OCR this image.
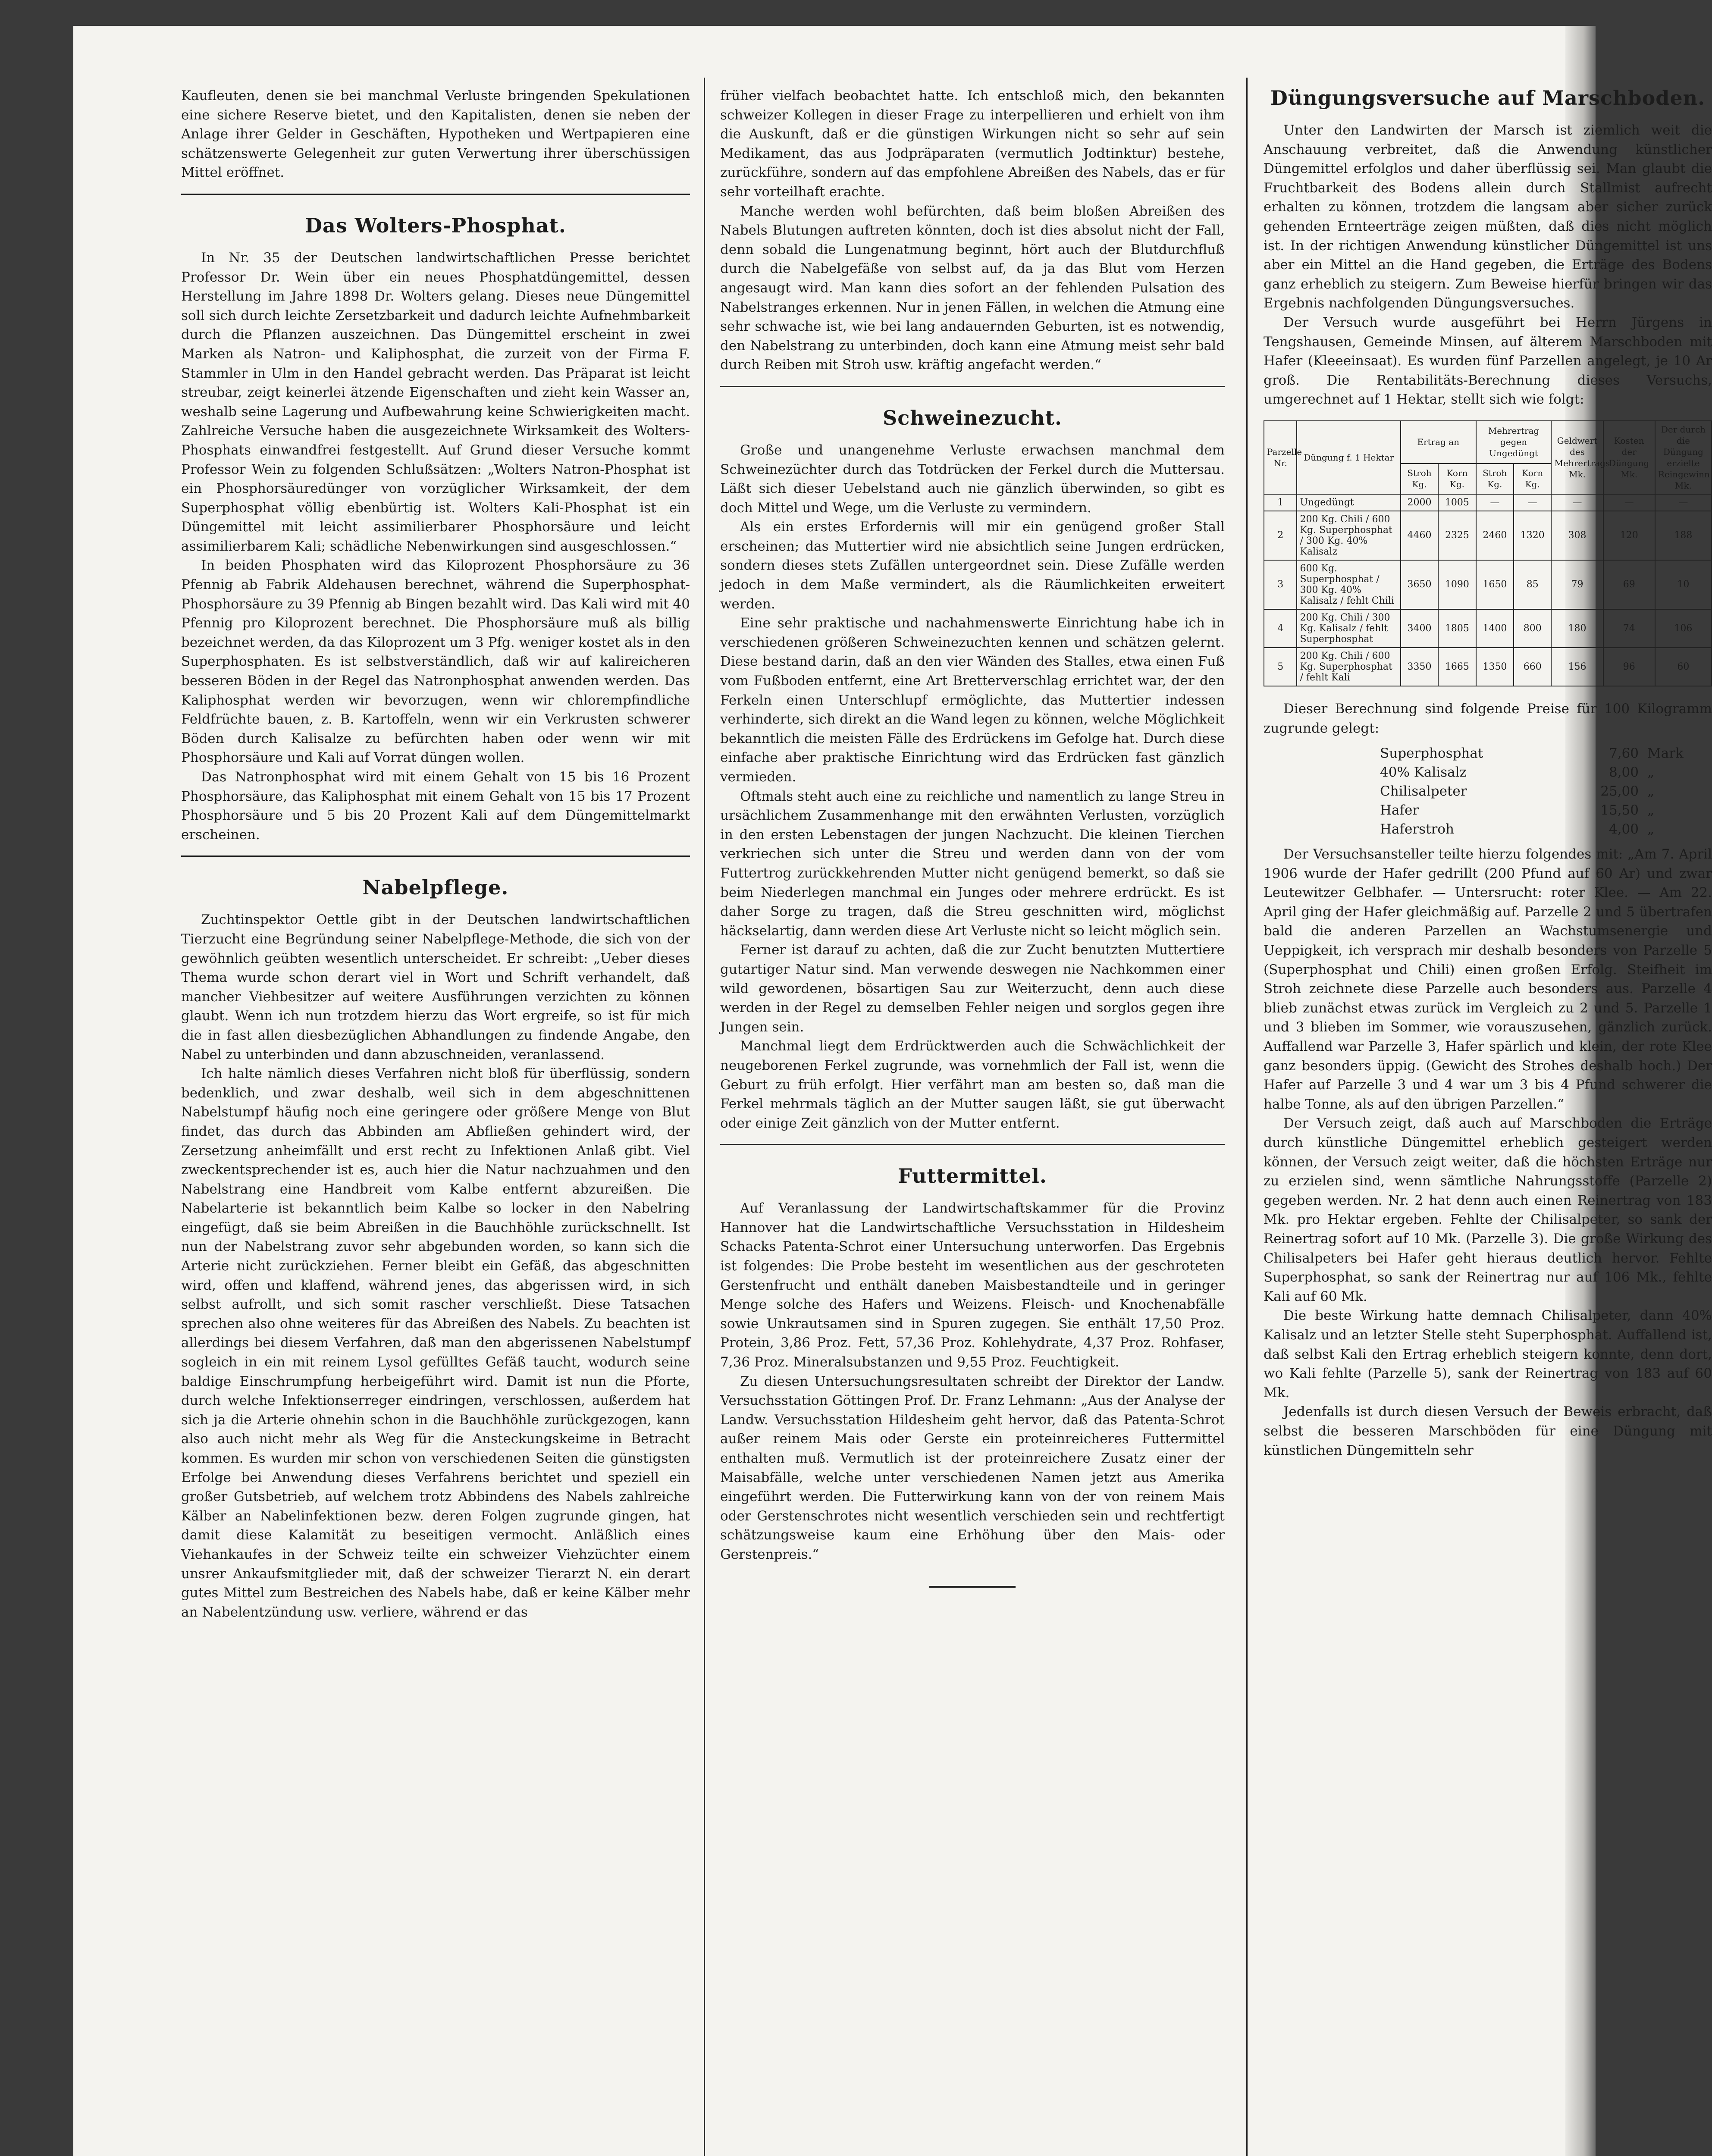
Kaufleuten, denen sie bei manchmal Verluste bringenden Spekulationen eine sichere Reserve bietet, und den Kapitalisten, denen sie neben der Anlage ihrer Gelder in Geschäften, Hypotheken und Wertpapieren eine schätzenswerte Gelegenheit zur guten Verwertung ihrer überschüssigen Mittel eröffnet.

Das Wolters-Phosphat.

In Nr. 35 der Deutschen landwirtschaftlichen Presse berichtet Professor Dr. Wein über ein neues Phosphatdüngemittel, dessen Herstellung im Jahre 1898 Dr. Wolters gelang. Dieses neue Düngemittel soll sich durch leichte Zersetzbarkeit und dadurch leichte Aufnehmbarkeit durch die Pflanzen auszeichnen. Das Düngemittel erscheint in zwei Marken als Natron- und Kaliphosphat, die zurzeit von der Firma F. Stammler in Ulm in den Handel gebracht werden. Das Präparat ist leicht streubar, zeigt keinerlei ätzende Eigenschaften und zieht kein Wasser an, weshalb seine Lagerung und Aufbewahrung keine Schwierigkeiten macht. Zahlreiche Versuche haben die ausgezeichnete Wirksamkeit des Wolters-Phosphats einwandfrei festgestellt. Auf Grund dieser Versuche kommt Professor Wein zu folgenden Schlußsätzen: „Wolters Natron-Phosphat ist ein Phosphorsäuredünger von vorzüglicher Wirksamkeit, der dem Superphosphat völlig ebenbürtig ist. Wolters Kali-Phosphat ist ein Düngemittel mit leicht assimilierbarer Phosphorsäure und leicht assimilierbarem Kali; schädliche Nebenwirkungen sind ausgeschlossen.“

In beiden Phosphaten wird das Kiloprozent Phosphorsäure zu 36 Pfennig ab Fabrik Aldehausen berechnet, während die Superphosphat-Phosphorsäure zu 39 Pfennig ab Bingen bezahlt wird. Das Kali wird mit 40 Pfennig pro Kiloprozent berechnet. Die Phosphorsäure muß als billig bezeichnet werden, da das Kiloprozent um 3 Pfg. weniger kostet als in den Superphosphaten. Es ist selbstverständlich, daß wir auf kalireicheren besseren Böden in der Regel das Natronphosphat anwenden werden. Das Kaliphosphat werden wir bevorzugen, wenn wir chlorempfindliche Feldfrüchte bauen, z. B. Kartoffeln, wenn wir ein Verkrusten schwerer Böden durch Kalisalze zu befürchten haben oder wenn wir mit Phosphorsäure und Kali auf Vorrat düngen wollen.

Das Natronphosphat wird mit einem Gehalt von 15 bis 16 Prozent Phosphorsäure, das Kaliphosphat mit einem Gehalt von 15 bis 17 Prozent Phosphorsäure und 5 bis 20 Prozent Kali auf dem Düngemittelmarkt erscheinen.

Nabelpflege.

Zuchtinspektor Oettle gibt in der Deutschen landwirtschaftlichen Tierzucht eine Begründung seiner Nabelpflege-Methode, die sich von der gewöhnlich geübten wesentlich unterscheidet. Er schreibt: „Ueber dieses Thema wurde schon derart viel in Wort und Schrift verhandelt, daß mancher Viehbesitzer auf weitere Ausführungen verzichten zu können glaubt. Wenn ich nun trotzdem hierzu das Wort ergreife, so ist für mich die in fast allen diesbezüglichen Abhandlungen zu findende Angabe, den Nabel zu unterbinden und dann abzuschneiden, veranlassend.

Ich halte nämlich dieses Verfahren nicht bloß für überflüssig, sondern bedenklich, und zwar deshalb, weil sich in dem abgeschnittenen Nabelstumpf häufig noch eine geringere oder größere Menge von Blut findet, das durch das Abbinden am Abfließen gehindert wird, der Zersetzung anheimfällt und erst recht zu Infektionen Anlaß gibt. Viel zweckentsprechender ist es, auch hier die Natur nachzuahmen und den Nabelstrang eine Handbreit vom Kalbe entfernt abzureißen. Die Nabelarterie ist bekanntlich beim Kalbe so locker in den Nabelring eingefügt, daß sie beim Abreißen in die Bauchhöhle zurückschnellt. Ist nun der Nabelstrang zuvor sehr abgebunden worden, so kann sich die Arterie nicht zurückziehen. Ferner bleibt ein Gefäß, das abgeschnitten wird, offen und klaffend, während jenes, das abgerissen wird, in sich selbst aufrollt, und sich somit rascher verschließt. Diese Tatsachen sprechen also ohne weiteres für das Abreißen des Nabels. Zu beachten ist allerdings bei diesem Verfahren, daß man den abgerissenen Nabelstumpf sogleich in ein mit reinem Lysol gefülltes Gefäß taucht, wodurch seine baldige Einschrumpfung herbeigeführt wird. Damit ist nun die Pforte, durch welche Infektionserreger eindringen, verschlossen, außerdem hat sich ja die Arterie ohnehin schon in die Bauchhöhle zurückgezogen, kann also auch nicht mehr als Weg für die Ansteckungskeime in Betracht kommen. Es wurden mir schon von verschiedenen Seiten die günstigsten Erfolge bei Anwendung dieses Verfahrens berichtet und speziell ein großer Gutsbetrieb, auf welchem trotz Abbindens des Nabels zahlreiche Kälber an Nabelinfektionen bezw. deren Folgen zugrunde gingen, hat damit diese Kalamität zu beseitigen vermocht. Anläßlich eines Viehankaufes in der Schweiz teilte ein schweizer Viehzüchter einem unsrer Ankaufsmitglieder mit, daß der schweizer Tierarzt N. ein derart gutes Mittel zum Bestreichen des Nabels habe, daß er keine Kälber mehr an Nabelentzündung usw. verliere, während er das

früher vielfach beobachtet hatte. Ich entschloß mich, den bekannten schweizer Kollegen in dieser Frage zu interpellieren und erhielt von ihm die Auskunft, daß er die günstigen Wirkungen nicht so sehr auf sein Medikament, das aus Jodpräparaten (vermutlich Jodtinktur) bestehe, zurückführe, sondern auf das empfohlene Abreißen des Nabels, das er für sehr vorteilhaft erachte.

Manche werden wohl befürchten, daß beim bloßen Abreißen des Nabels Blutungen auftreten könnten, doch ist dies absolut nicht der Fall, denn sobald die Lungenatmung beginnt, hört auch der Blutdurchfluß durch die Nabelgefäße von selbst auf, da ja das Blut vom Herzen angesaugt wird. Man kann dies sofort an der fehlenden Pulsation des Nabelstranges erkennen. Nur in jenen Fällen, in welchen die Atmung eine sehr schwache ist, wie bei lang andauernden Geburten, ist es notwendig, den Nabelstrang zu unterbinden, doch kann eine Atmung meist sehr bald durch Reiben mit Stroh usw. kräftig angefacht werden.“

Schweinezucht.

Große und unangenehme Verluste erwachsen manchmal dem Schweinezüchter durch das Totdrücken der Ferkel durch die Muttersau. Läßt sich dieser Uebelstand auch nie gänzlich überwinden, so gibt es doch Mittel und Wege, um die Verluste zu vermindern.

Als ein erstes Erfordernis will mir ein genügend großer Stall erscheinen; das Muttertier wird nie absichtlich seine Jungen erdrücken, sondern dieses stets Zufällen untergeordnet sein. Diese Zufälle werden jedoch in dem Maße vermindert, als die Räumlichkeiten erweitert werden.

Eine sehr praktische und nachahmenswerte Einrichtung habe ich in verschiedenen größeren Schweinezuchten kennen und schätzen gelernt. Diese bestand darin, daß an den vier Wänden des Stalles, etwa einen Fuß vom Fußboden entfernt, eine Art Bretterverschlag errichtet war, der den Ferkeln einen Unterschlupf ermöglichte, das Muttertier indessen verhinderte, sich direkt an die Wand legen zu können, welche Möglichkeit bekanntlich die meisten Fälle des Erdrückens im Gefolge hat. Durch diese einfache aber praktische Einrichtung wird das Erdrücken fast gänzlich vermieden.

Oftmals steht auch eine zu reichliche und namentlich zu lange Streu in ursächlichem Zusammenhange mit den erwähnten Verlusten, vorzüglich in den ersten Lebenstagen der jungen Nachzucht. Die kleinen Tierchen verkriechen sich unter die Streu und werden dann von der vom Futtertrog zurückkehrenden Mutter nicht genügend bemerkt, so daß sie beim Niederlegen manchmal ein Junges oder mehrere erdrückt. Es ist daher Sorge zu tragen, daß die Streu geschnitten wird, möglichst häckselartig, dann werden diese Art Verluste nicht so leicht möglich sein.

Ferner ist darauf zu achten, daß die zur Zucht benutzten Muttertiere gutartiger Natur sind. Man verwende deswegen nie Nachkommen einer wild gewordenen, bösartigen Sau zur Weiterzucht, denn auch diese werden in der Regel zu demselben Fehler neigen und sorglos gegen ihre Jungen sein.

Manchmal liegt dem Erdrücktwerden auch die Schwächlichkeit der neugeborenen Ferkel zugrunde, was vornehmlich der Fall ist, wenn die Geburt zu früh erfolgt. Hier verfährt man am besten so, daß man die Ferkel mehrmals täglich an der Mutter saugen läßt, sie gut überwacht oder einige Zeit gänzlich von der Mutter entfernt.

Futtermittel.

Auf Veranlassung der Landwirtschaftskammer für die Provinz Hannover hat die Landwirtschaftliche Versuchsstation in Hildesheim Schacks Patenta-Schrot einer Untersuchung unterworfen. Das Ergebnis ist folgendes: Die Probe besteht im wesentlichen aus der geschroteten Gerstenfrucht und enthält daneben Maisbestandteile und in geringer Menge solche des Hafers und Weizens. Fleisch- und Knochenabfälle sowie Unkrautsamen sind in Spuren zugegen. Sie enthält 17,50 Proz. Protein, 3,86 Proz. Fett, 57,36 Proz. Kohlehydrate, 4,37 Proz. Rohfaser, 7,36 Proz. Mineralsubstanzen und 9,55 Proz. Feuchtigkeit.

Zu diesen Untersuchungsresultaten schreibt der Direktor der Landw. Versuchsstation Göttingen Prof. Dr. Franz Lehmann: „Aus der Analyse der Landw. Versuchsstation Hildesheim geht hervor, daß das Patenta-Schrot außer reinem Mais oder Gerste ein proteinreicheres Futtermittel enthalten muß. Vermutlich ist der proteinreichere Zusatz einer der Maisabfälle, welche unter verschiedenen Namen jetzt aus Amerika eingeführt werden. Die Futterwirkung kann von der von reinem Mais oder Gerstenschrotes nicht wesentlich verschieden sein und rechtfertigt schätzungsweise kaum eine Erhöhung über den Mais- oder Gerstenpreis.“

Düngungsversuche auf Marschboden.

Unter den Landwirten der Marsch ist ziemlich weit die Anschauung verbreitet, daß die Anwendung künstlicher Düngemittel erfolglos und daher überflüssig sei. Man glaubt die Fruchtbarkeit des Bodens allein durch Stallmist aufrecht erhalten zu können, trotzdem die langsam aber sicher zurück gehenden Ernteerträge zeigen müßten, daß dies nicht möglich ist. In der richtigen Anwendung künstlicher Düngemittel ist uns aber ein Mittel an die Hand gegeben, die Erträge des Bodens ganz erheblich zu steigern. Zum Beweise hierfür bringen wir das Ergebnis nachfolgenden Düngungsversuches.

Der Versuch wurde ausgeführt bei Herrn Jürgens in Tengshausen, Gemeinde Minsen, auf älterem Marschboden mit Hafer (Kleeeinsaat). Es wurden fünf Parzellen angelegt, je 10 Ar groß. Die Rentabilitäts-Berechnung dieses Versuchs, umgerechnet auf 1 Hektar, stellt sich wie folgt:

Parzelle Nr.	Düngung f. 1 Hektar	Ertrag an		Mehrertrag gegen Ungedüngt		Geldwert des Mehrertrags Mk.	Kosten der Düngung Mk.	Der durch die Düngung erzielte Reingewinn Mk.
		Stroh Kg.	Korn Kg.	Stroh Kg.	Korn Kg.			
1	Ungedüngt	2000	1005	—	—	—	—	—
2	200 Kg. Chili / 600 Kg. Superphosphat / 300 Kg. 40% Kalisalz	4460	2325	2460	1320	308	120	188
3	600 Kg. Superphosphat / 300 Kg. 40% Kalisalz / fehlt Chili	3650	1090	1650	85	79	69	10
4	200 Kg. Chili / 300 Kg. Kalisalz / fehlt Superphosphat	3400	1805	1400	800	180	74	106
5	200 Kg. Chili / 600 Kg. Superphosphat / fehlt Kali	3350	1665	1350	660	156	96	60

Dieser Berechnung sind folgende Preise für 100 Kilogramm zugrunde gelegt:

Superphosphat	7,60 Mark
40% Kalisalz	8,00 „
Chilisalpeter	25,00 „
Hafer	15,50 „
Haferstroh	4,00 „

Der Versuchsansteller teilte hierzu folgendes mit: „Am 7. April 1906 wurde der Hafer gedrillt (200 Pfund auf 60 Ar) und zwar Leutewitzer Gelbhafer. — Untersrucht: roter Klee. — Am 22. April ging der Hafer gleichmäßig auf. Parzelle 2 und 5 übertrafen bald die anderen Parzellen an Wachstumsenergie und Ueppigkeit, ich versprach mir deshalb besonders von Parzelle 5 (Superphosphat und Chili) einen großen Erfolg. Steifheit im Stroh zeichnete diese Parzelle auch besonders aus. Parzelle 4 blieb zunächst etwas zurück im Vergleich zu 2 und 5. Parzelle 1 und 3 blieben im Sommer, wie vorauszusehen, gänzlich zurück. Auffallend war Parzelle 3, Hafer spärlich und klein, der rote Klee ganz besonders üppig. (Gewicht des Strohes deshalb hoch.) Der Hafer auf Parzelle 3 und 4 war um 3 bis 4 Pfund schwerer die halbe Tonne, als auf den übrigen Parzellen.“

Der Versuch zeigt, daß auch auf Marschboden die Erträge durch künstliche Düngemittel erheblich gesteigert werden können, der Versuch zeigt weiter, daß die höchsten Erträge nur zu erzielen sind, wenn sämtliche Nahrungsstoffe (Parzelle 2) gegeben werden. Nr. 2 hat denn auch einen Reinertrag von 183 Mk. pro Hektar ergeben. Fehlte der Chilisalpeter, so sank der Reinertrag sofort auf 10 Mk. (Parzelle 3). Die große Wirkung des Chilisalpeters bei Hafer geht hieraus deutlich hervor. Fehlte Superphosphat, so sank der Reinertrag nur auf 106 Mk., fehlte Kali auf 60 Mk.

Die beste Wirkung hatte demnach Chilisalpeter, dann 40% Kalisalz und an letzter Stelle steht Superphosphat. Auffallend ist, daß selbst Kali den Ertrag erheblich steigern konnte, denn dort, wo Kali fehlte (Parzelle 5), sank der Reinertrag von 183 auf 60 Mk.

Jedenfalls ist durch diesen Versuch der Beweis erbracht, daß selbst die besseren Marschböden für eine Düngung mit künstlichen Düngemitteln sehr
